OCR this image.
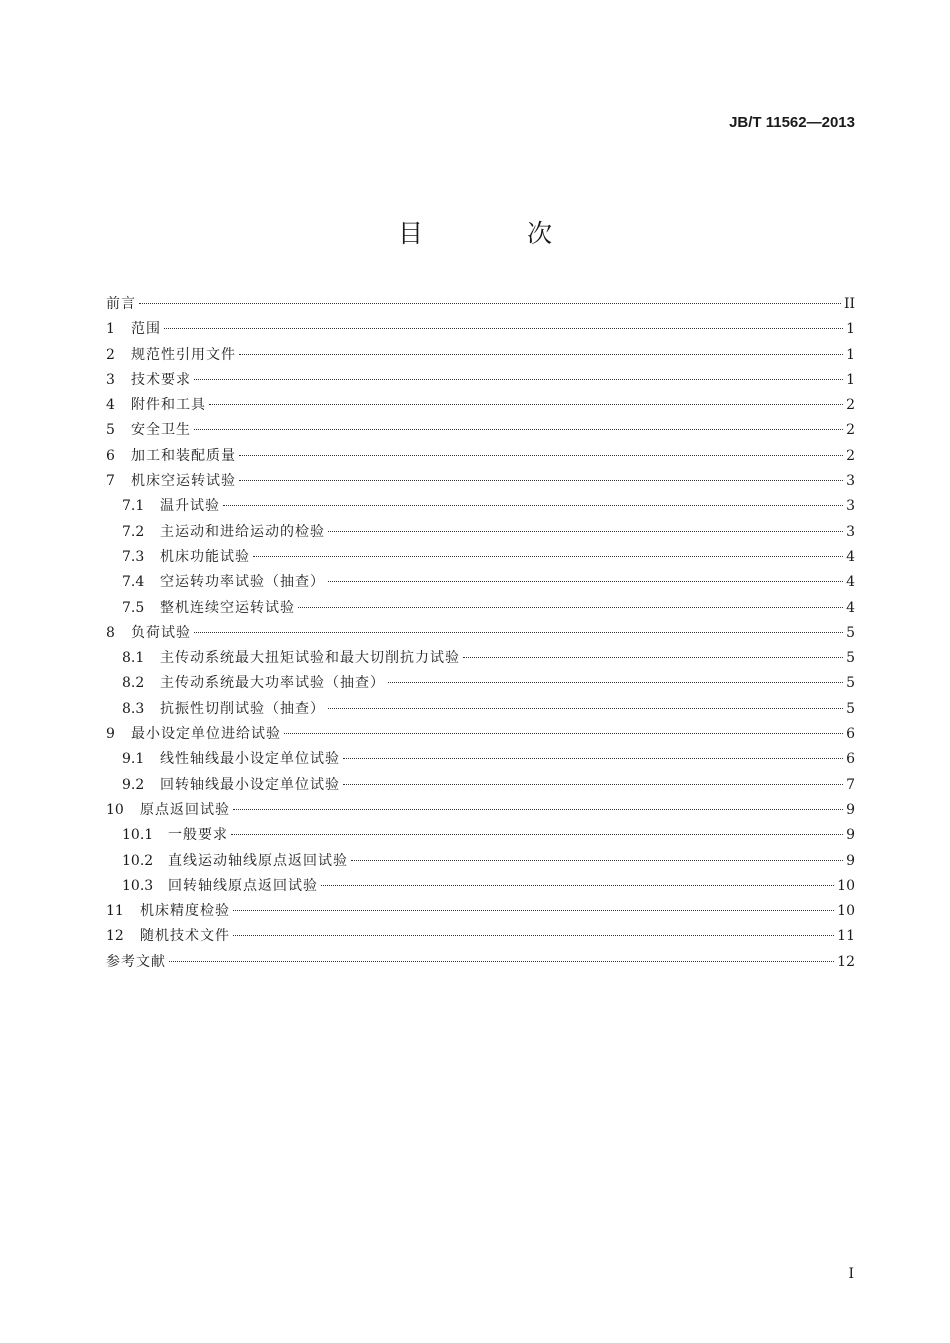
JB/T 11562—2013
目 次
前言	II
1	范围	1
2	规范性引用文件	1
3	技术要求	1
4	附件和工具	2
5	安全卫生	2
6	加工和装配质量	2
7	机床空运转试验	3
7.1	温升试验	3
7.2	主运动和进给运动的检验	3
7.3	机床功能试验	4
7.4	空运转功率试验（抽查）	4
7.5	整机连续空运转试验	4
8	负荷试验	5
8.1	主传动系统最大扭矩试验和最大切削抗力试验	5
8.2	主传动系统最大功率试验（抽查）	5
8.3	抗振性切削试验（抽查）	5
9	最小设定单位进给试验	6
9.1	线性轴线最小设定单位试验	6
9.2	回转轴线最小设定单位试验	7
10	原点返回试验	9
10.1	一般要求	9
10.2	直线运动轴线原点返回试验	9
10.3	回转轴线原点返回试验	10
11	机床精度检验	10
12	随机技术文件	11
参考文献	12
I
